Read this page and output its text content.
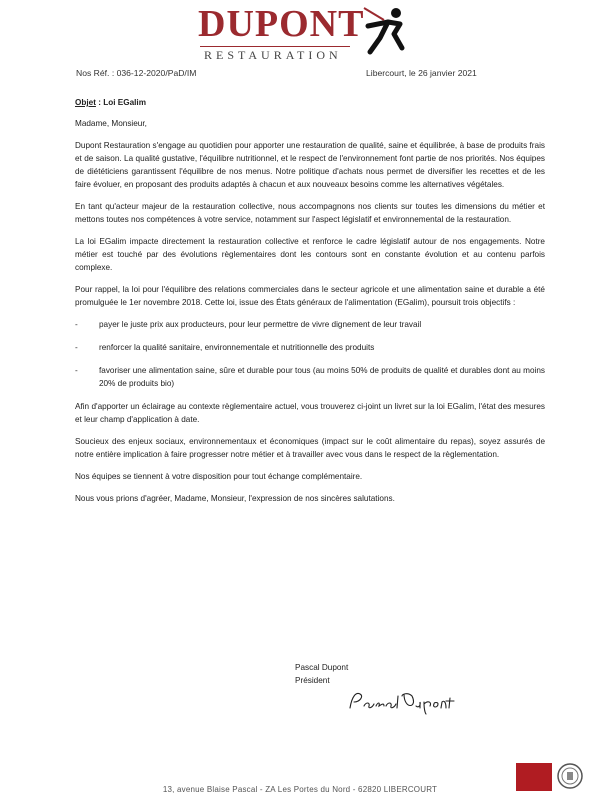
DUPONT
RESTAURATION
Nos Réf. : 036-12-2020/PaD/IM	Libercourt, le 26 janvier 2021

Objet : Loi EGalim

Madame, Monsieur,

Dupont Restauration s'engage au quotidien pour apporter une restauration de qualité, saine et équilibrée, à base de produits frais et de saison. La qualité gustative, l'équilibre nutritionnel, et le respect de l'environnement font partie de nos priorités. Nos équipes de diététiciens garantissent l'équilibre de nos menus. Notre politique d'achats nous permet de diversifier les recettes et de les faire évoluer, en proposant des produits adaptés à chacun et aux nouveaux besoins comme les alternatives végétales.

En tant qu'acteur majeur de la restauration collective, nous accompagnons nos clients sur toutes les dimensions du métier et mettons toutes nos compétences à votre service, notamment sur l'aspect législatif et environnemental de la restauration.

La loi EGalim impacte directement la restauration collective et renforce le cadre législatif autour de nos engagements. Notre métier est touché par des évolutions règlementaires dont les contours sont en constante évolution et au contenu parfois complexe.

Pour rappel, la loi pour l'équilibre des relations commerciales dans le secteur agricole et une alimentation saine et durable a été promulguée le 1er novembre 2018. Cette loi, issue des États généraux de l'alimentation (EGalim), poursuit trois objectifs :

- payer le juste prix aux producteurs, pour leur permettre de vivre dignement de leur travail
- renforcer la qualité sanitaire, environnementale et nutritionnelle des produits
- favoriser une alimentation saine, sûre et durable pour tous (au moins 50% de produits de qualité et durables dont au moins 20% de produits bio)

Afin d'apporter un éclairage au contexte règlementaire actuel, vous trouverez ci-joint un livret sur la loi EGalim, l'état des mesures et leur champ d'application à date.

Soucieux des enjeux sociaux, environnementaux et économiques (impact sur le coût alimentaire du repas), soyez assurés de notre entière implication à faire progresser notre métier et à travailler avec vous dans le respect de la règlementation.

Nos équipes se tiennent à votre disposition pour tout échange complémentaire.

Nous vous prions d'agréer, Madame, Monsieur, l'expression de nos sincères salutations.

Pascal Dupont
Président
13, avenue Blaise Pascal - ZA Les Portes du Nord - 62820 LIBERCOURT
